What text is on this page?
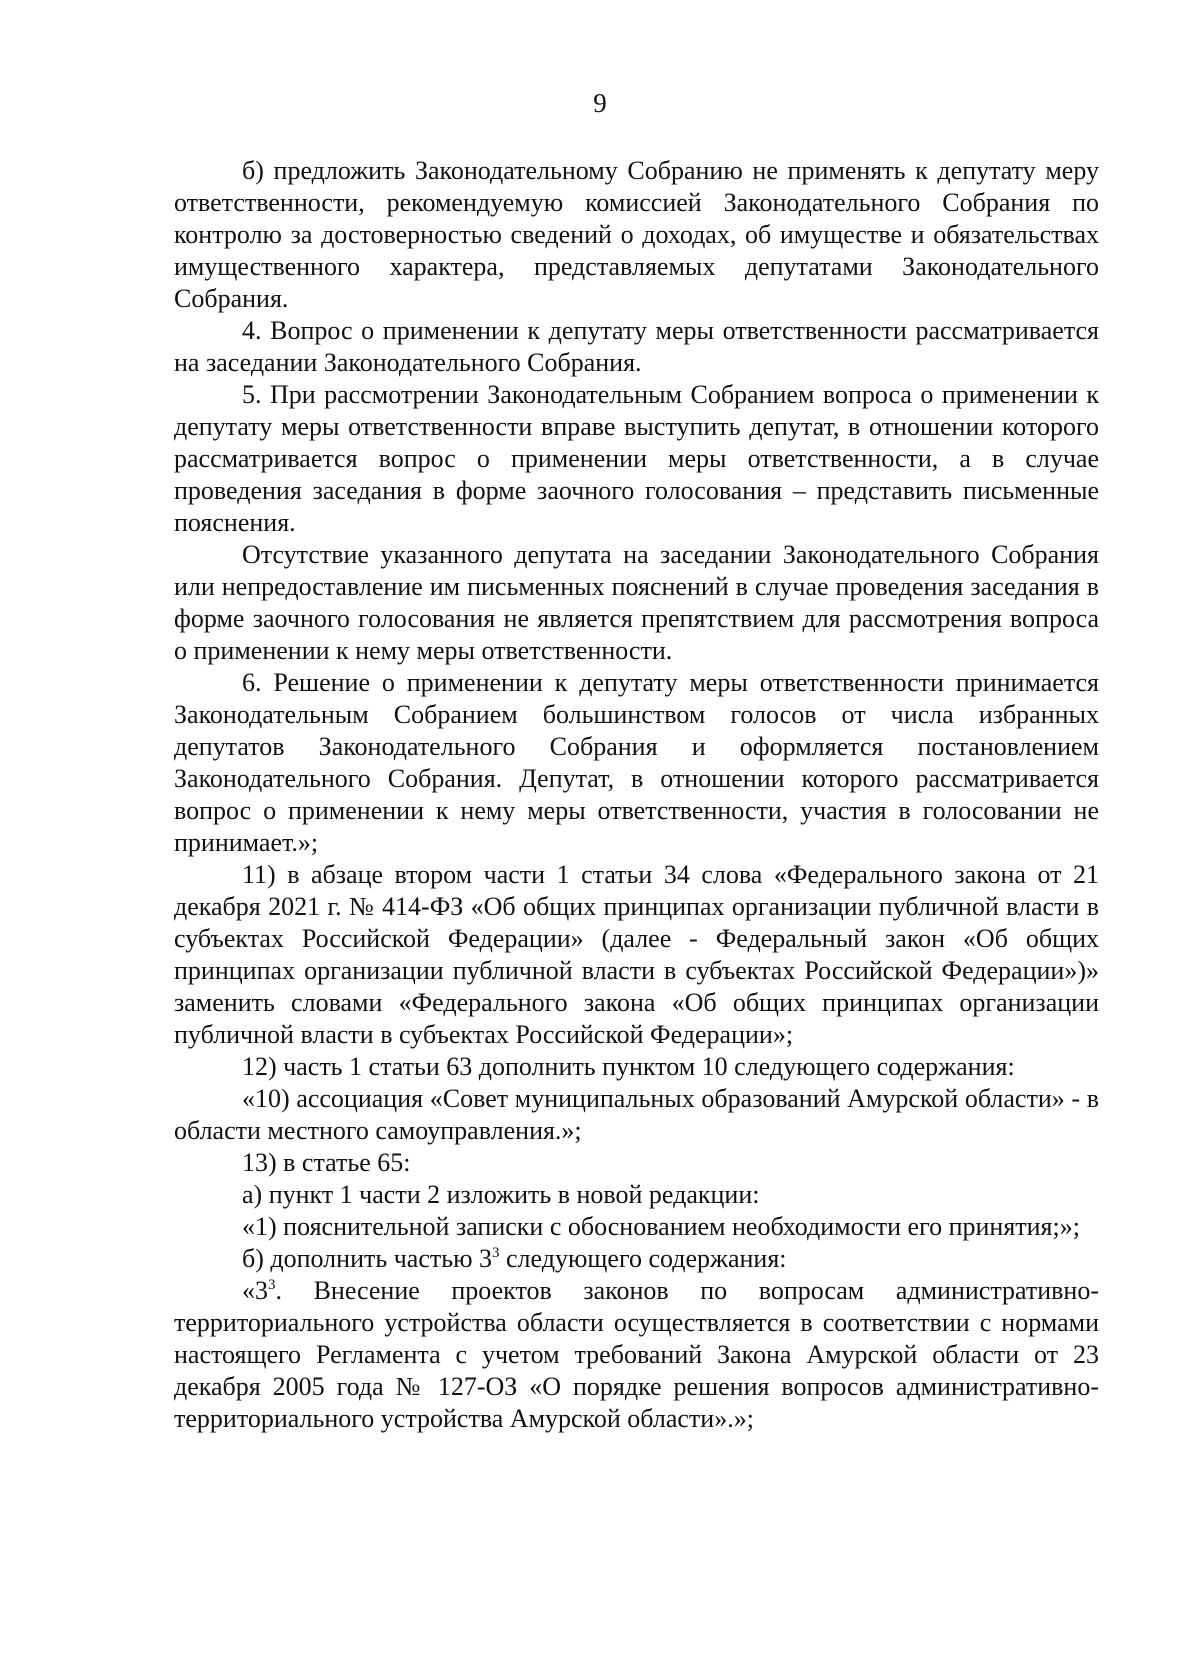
9

б) предложить Законодательному Собранию не применять к депутату меру ответственности, рекомендуемую комиссией Законодательного Собрания по контролю за достоверностью сведений о доходах, об имуществе и обязательствах имущественного характера, представляемых депутатами Законодательного Собрания.

4. Вопрос о применении к депутату меры ответственности рассматривается на заседании Законодательного Собрания.

5. При рассмотрении Законодательным Собранием вопроса о применении к депутату меры ответственности вправе выступить депутат, в отношении которого рассматривается вопрос о применении меры ответственности, а в случае проведения заседания в форме заочного голосования – представить письменные пояснения.

Отсутствие указанного депутата на заседании Законодательного Собрания или непредоставление им письменных пояснений в случае проведения заседания в форме заочного голосования не является препятствием для рассмотрения вопроса о применении к нему меры ответственности.

6. Решение о применении к депутату меры ответственности принимается Законодательным Собранием большинством голосов от числа избранных депутатов Законодательного Собрания и оформляется постановлением Законодательного Собрания. Депутат, в отношении которого рассматривается вопрос о применении к нему меры ответственности, участия в голосовании не принимает.»;

11) в абзаце втором части 1 статьи 34 слова «Федерального закона от 21 декабря 2021 г. № 414-ФЗ «Об общих принципах организации публичной власти в субъектах Российской Федерации» (далее - Федеральный закон «Об общих принципах организации публичной власти в субъектах Российской Федерации»)» заменить словами «Федерального закона «Об общих принципах организации публичной власти в субъектах Российской Федерации»;

12) часть 1 статьи 63 дополнить пунктом 10 следующего содержания:

«10) ассоциация «Совет муниципальных образований Амурской области» - в области местного самоуправления.»;

13) в статье 65:

а) пункт 1 части 2 изложить в новой редакции:

«1) пояснительной записки с обоснованием необходимости его принятия;»;

б) дополнить частью $3^3$ следующего содержания:

«$3^3$. Внесение проектов законов по вопросам административно-территориального устройства области осуществляется в соответствии с нормами настоящего Регламента с учетом требований Закона Амурской области от 23 декабря 2005 года № 127-ОЗ «О порядке решения вопросов административно-территориального устройства Амурской области».»;
